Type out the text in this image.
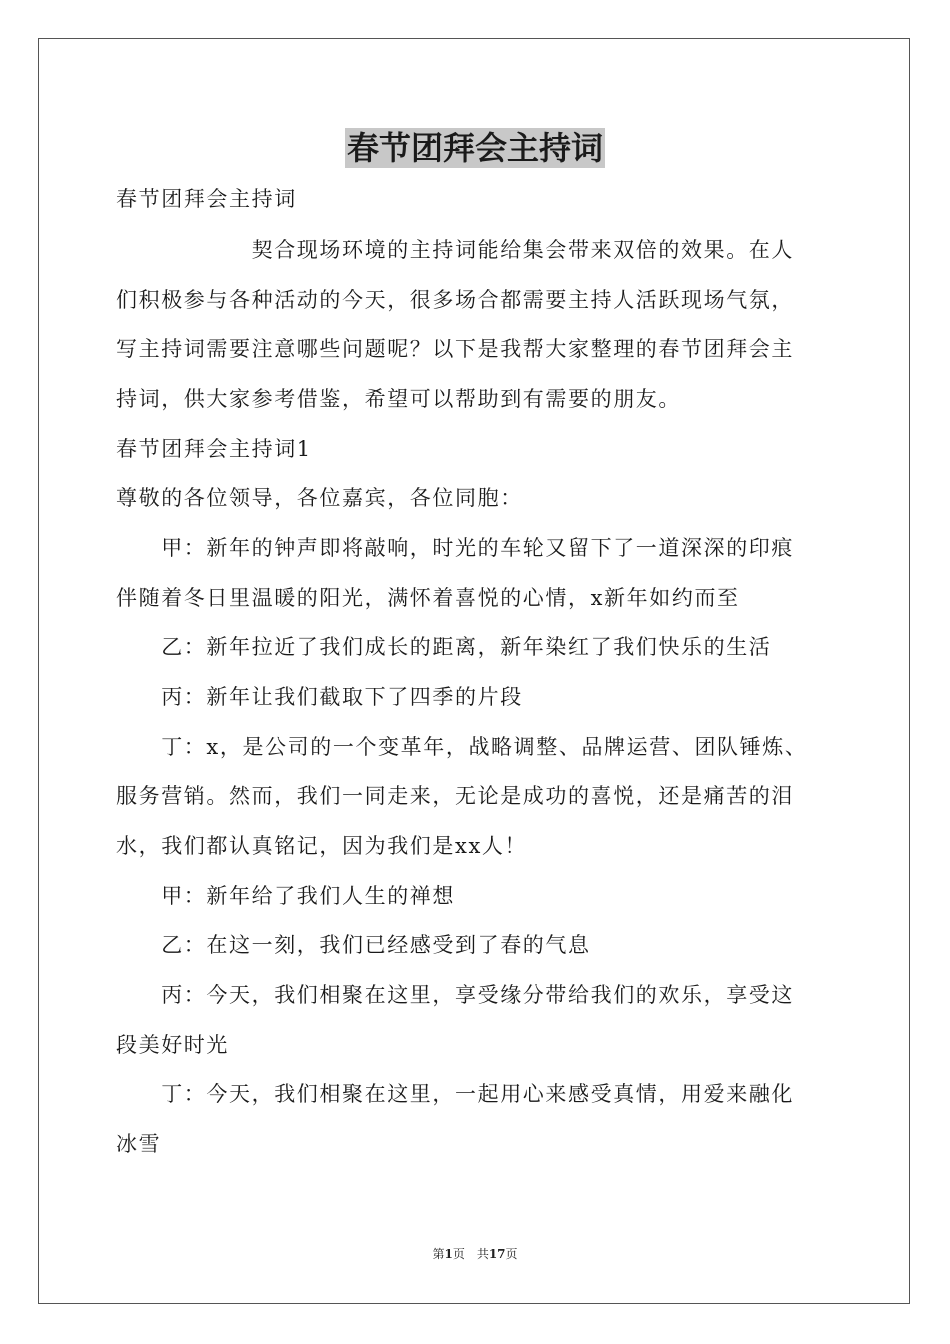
春节团拜会主持词
春节团拜会主持词
　　　　　　契合现场环境的主持词能给集会带来双倍的效果。在人
们积极参与各种活动的今天，很多场合都需要主持人活跃现场气氛，
写主持词需要注意哪些问题呢？以下是我帮大家整理的春节团拜会主
持词，供大家参考借鉴，希望可以帮助到有需要的朋友。
春节团拜会主持词1
尊敬的各位领导，各位嘉宾，各位同胞：
　　甲：新年的钟声即将敲响，时光的车轮又留下了一道深深的印痕
伴随着冬日里温暖的阳光，满怀着喜悦的心情，x新年如约而至
　　乙：新年拉近了我们成长的距离，新年染红了我们快乐的生活
　　丙：新年让我们截取下了四季的片段
　　丁：x，是公司的一个变革年，战略调整、品牌运营、团队锤炼、
服务营销。然而，我们一同走来，无论是成功的喜悦，还是痛苦的泪
水，我们都认真铭记，因为我们是xx人！
　　甲：新年给了我们人生的禅想
　　乙：在这一刻，我们已经感受到了春的气息
　　丙：今天，我们相聚在这里，享受缘分带给我们的欢乐，享受这
段美好时光
　　丁：今天，我们相聚在这里，一起用心来感受真情，用爱来融化
冰雪
第1页　共17页
